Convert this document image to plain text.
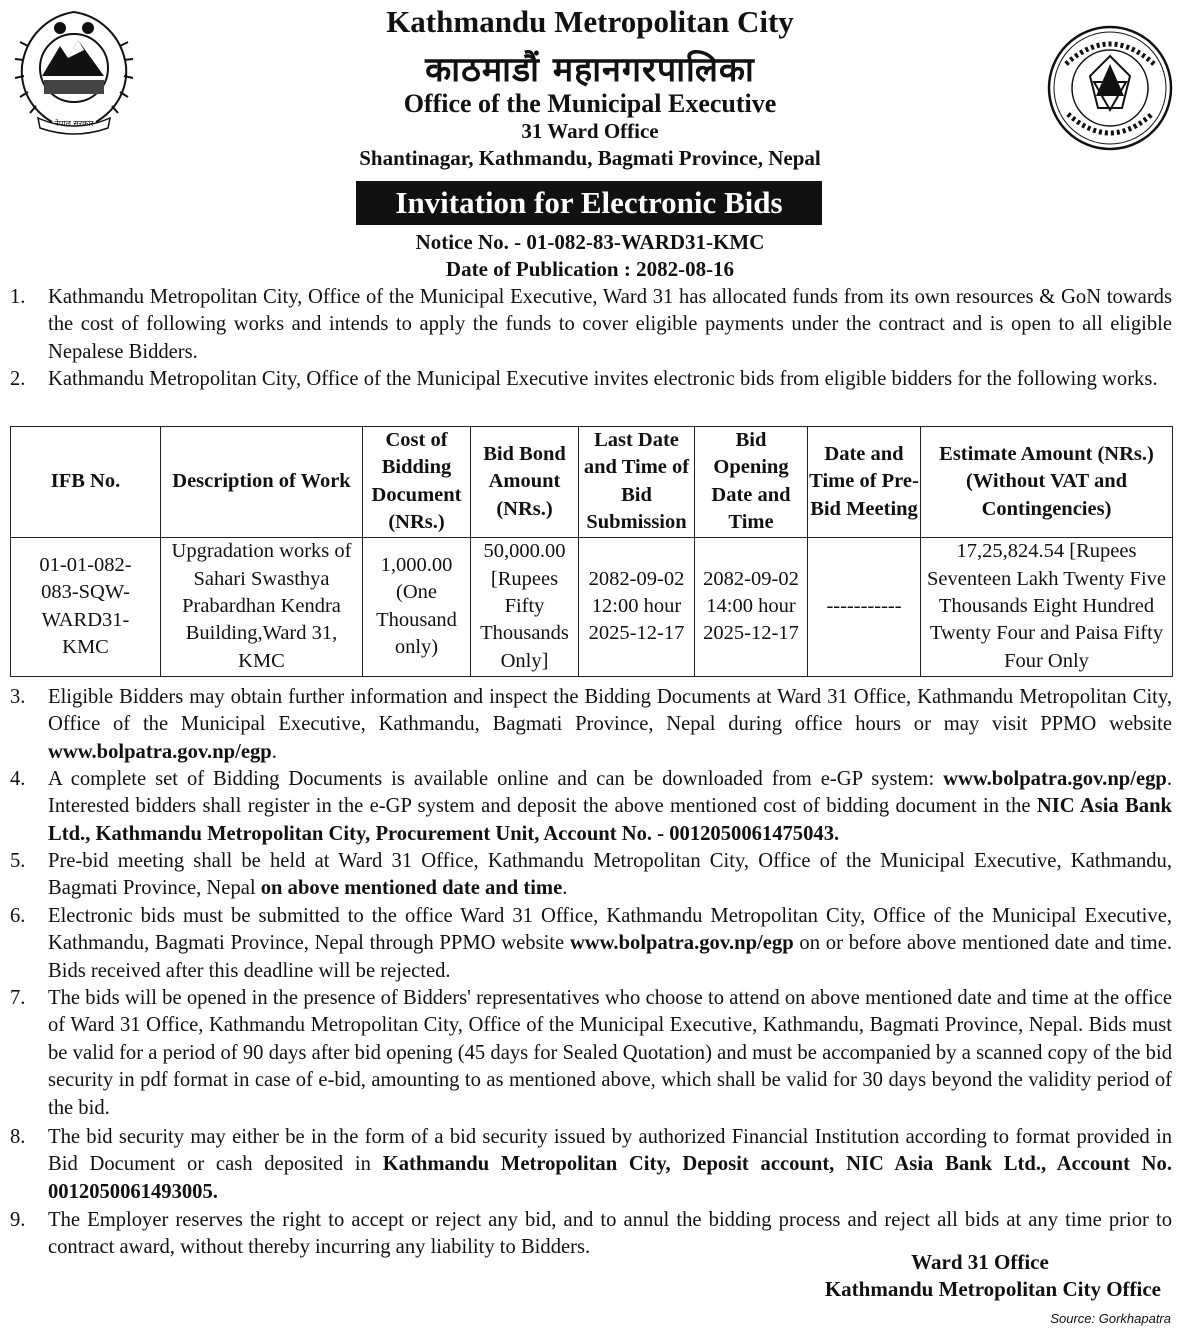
नेपाल सरकार
Kathmandu Metropolitan City
काठमाडौं महानगरपालिका
Office of the Municipal Executive
31 Ward Office
Shantinagar, Kathmandu, Bagmati Province, Nepal
Invitation for Electronic Bids
Notice No. - 01-082-83-WARD31-KMC
Date of Publication : 2082-08-16
1. Kathmandu Metropolitan City, Office of the Municipal Executive, Ward 31 has allocated funds from its own resources & GoN towards the cost of following works and intends to apply the funds to cover eligible payments under the contract and is open to all eligible Nepalese Bidders.
2. Kathmandu Metropolitan City, Office of the Municipal Executive invites electronic bids from eligible bidders for the following works.
IFB No.	Description of Work	Cost of Bidding Document (NRs.)	Bid Bond Amount (NRs.)	Last Date and Time of Bid Submission	Bid Opening Date and Time	Date and Time of Pre-Bid Meeting	Estimate Amount (NRs.) (Without VAT and Contingencies)
01-01-082-083-SQW-WARD31-KMC	Upgradation works of Sahari Swasthya Prabardhan Kendra Building,Ward 31, KMC	1,000.00 (One Thousand only)	50,000.00 [Rupees Fifty Thousands Only]	2082-09-02 12:00 hour 2025-12-17	2082-09-02 14:00 hour 2025-12-17	-----------	17,25,824.54 [Rupees Seventeen Lakh Twenty Five Thousands Eight Hundred Twenty Four and Paisa Fifty Four Only
3. Eligible Bidders may obtain further information and inspect the Bidding Documents at Ward 31 Office, Kathmandu Metropolitan City, Office of the Municipal Executive, Kathmandu, Bagmati Province, Nepal during office hours or may visit PPMO website www.bolpatra.gov.np/egp.
4. A complete set of Bidding Documents is available online and can be downloaded from e-GP system: www.bolpatra.gov.np/egp. Interested bidders shall register in the e-GP system and deposit the above mentioned cost of bidding document in the NIC Asia Bank Ltd., Kathmandu Metropolitan City, Procurement Unit, Account No. - 0012050061475043.
5. Pre-bid meeting shall be held at Ward 31 Office, Kathmandu Metropolitan City, Office of the Municipal Executive, Kathmandu, Bagmati Province, Nepal on above mentioned date and time.
6. Electronic bids must be submitted to the office Ward 31 Office, Kathmandu Metropolitan City, Office of the Municipal Executive, Kathmandu, Bagmati Province, Nepal through PPMO website www.bolpatra.gov.np/egp on or before above mentioned date and time. Bids received after this deadline will be rejected.
7. The bids will be opened in the presence of Bidders' representatives who choose to attend on above mentioned date and time at the office of Ward 31 Office, Kathmandu Metropolitan City, Office of the Municipal Executive, Kathmandu, Bagmati Province, Nepal. Bids must be valid for a period of 90 days after bid opening (45 days for Sealed Quotation) and must be accompanied by a scanned copy of the bid security in pdf format in case of e-bid, amounting to as mentioned above, which shall be valid for 30 days beyond the validity period of the bid.
8. The bid security may either be in the form of a bid security issued by authorized Financial Institution according to format provided in Bid Document or cash deposited in Kathmandu Metropolitan City, Deposit account, NIC Asia Bank Ltd., Account No. 0012050061493005.
9. The Employer reserves the right to accept or reject any bid, and to annul the bidding process and reject all bids at any time prior to contract award, without thereby incurring any liability to Bidders.
Ward 31 Office
Kathmandu Metropolitan City Office
Source: Gorkhapatra
